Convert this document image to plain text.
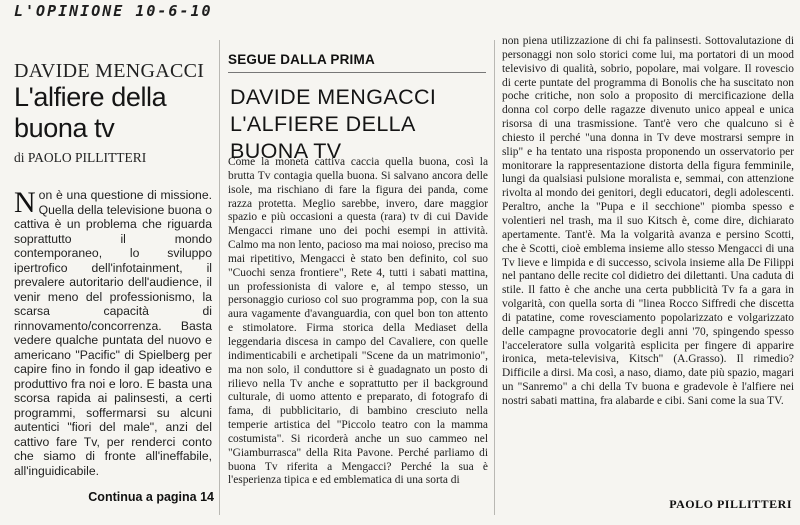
L'OPINIONE 10-6-10
DAVIDE MENGACCI
L'alfiere della buona tv
di PAOLO PILLITTERI
Non è una questione di missione. Quella della televisione buona o cattiva è un problema che riguarda soprattutto il mondo contemporaneo, lo sviluppo ipertrofico dell'infotainment, il prevalere autoritario dell'audience, il venir meno del professionismo, la scarsa capacità di rinnovamento/concorrenza. Basta vedere qualche puntata del nuovo e americano "Pacific" di Spielberg per capire fino in fondo il gap ideativo e produttivo fra noi e loro. E basta una scorsa rapida ai palinsesti, a certi programmi, soffermarsi su alcuni autentici "fiori del male", anzi del cattivo fare Tv, per renderci conto che siamo di fronte all'ineffabile, all'inguidicabile.
Continua a pagina 14
SEGUE DALLA PRIMA
DAVIDE MENGACCI L'ALFIERE DELLA BUONA TV
Come la moneta cattiva caccia quella buona, così la brutta Tv contagia quella buona. Si salvano ancora delle isole, ma rischiano di fare la figura dei panda, come razza protetta. Meglio sarebbe, invero, dare maggior spazio e più occasioni a questa (rara) tv di cui Davide Mengacci rimane uno dei pochi esempi in attività. Calmo ma non lento, pacioso ma mai noioso, preciso ma mai ripetitivo, Mengacci è stato ben definito, col suo "Cuochi senza frontiere", Rete 4, tutti i sabati mattina, un professionista di valore e, al tempo stesso, un personaggio curioso col suo programma pop, con la sua aura vagamente d'avanguardia, con quel bon ton attento e stimolatore. Firma storica della Mediaset della leggendaria discesa in campo del Cavaliere, con quelle indimenticabili e archetipali "Scene da un matrimonio", ma non solo, il conduttore si è guadagnato un posto di rilievo nella Tv anche e soprattutto per il background culturale, di uomo attento e preparato, di fotografo di fama, di pubblicitario, di bambino cresciuto nella temperie artistica del "Piccolo teatro con la mamma costumista". Si ricorderà anche un suo cammeo nel "Giamburrasca" della Rita Pavone. Perché parliamo di buona Tv riferita a Mengacci? Perché la sua è l'esperienza tipica e ed emblematica di una sorta di
non piena utilizzazione di chi fa palinsesti. Sottovalutazione di personaggi non solo storici come lui, ma portatori di un mood televisivo di qualità, sobrio, popolare, mai volgare. Il rovescio di certe puntate del programma di Bonolis che ha suscitato non poche critiche, non solo a proposito di mercificazione della donna col corpo delle ragazze divenuto unico appeal e unica risorsa di una trasmissione. Tant'è vero che qualcuno si è chiesto il perché "una donna in Tv deve mostrarsi sempre in slip" e ha tentato una risposta proponendo un osservatorio per monitorare la rappresentazione distorta della figura femminile, lungi da qualsiasi pulsione moralista e, semmai, con attenzione rivolta al mondo dei genitori, degli educatori, degli adolescenti. Peraltro, anche la "Pupa e il secchione" piomba spesso e volentieri nel trash, ma il suo Kitsch è, come dire, dichiarato apertamente. Tant'è. Ma la volgarità avanza e persino Scotti, che è Scotti, cioè emblema insieme allo stesso Mengacci di una Tv lieve e limpida e di successo, scivola insieme alla De Filippi nel pantano delle recite col didietro dei dilettanti. Una caduta di stile. Il fatto è che anche una certa pubblicità Tv fa a gara in volgarità, con quella sorta di "linea Rocco Siffredi che discetta di patatine, come rovesciamento popolarizzato e volgarizzato delle campagne provocatorie degli anni '70, spingendo spesso l'acceleratore sulla volgarità esplicita per fingere di apparire ironica, meta-televisiva, Kitsch" (A.Grasso). Il rimedio? Difficile a dirsi. Ma così, a naso, diamo, date più spazio, magari un "Sanremo" a chi della Tv buona e gradevole è l'alfiere nei nostri sabati mattina, fra alabarde e cibi. Sani come la sua TV.
PAOLO PILLITTERI
